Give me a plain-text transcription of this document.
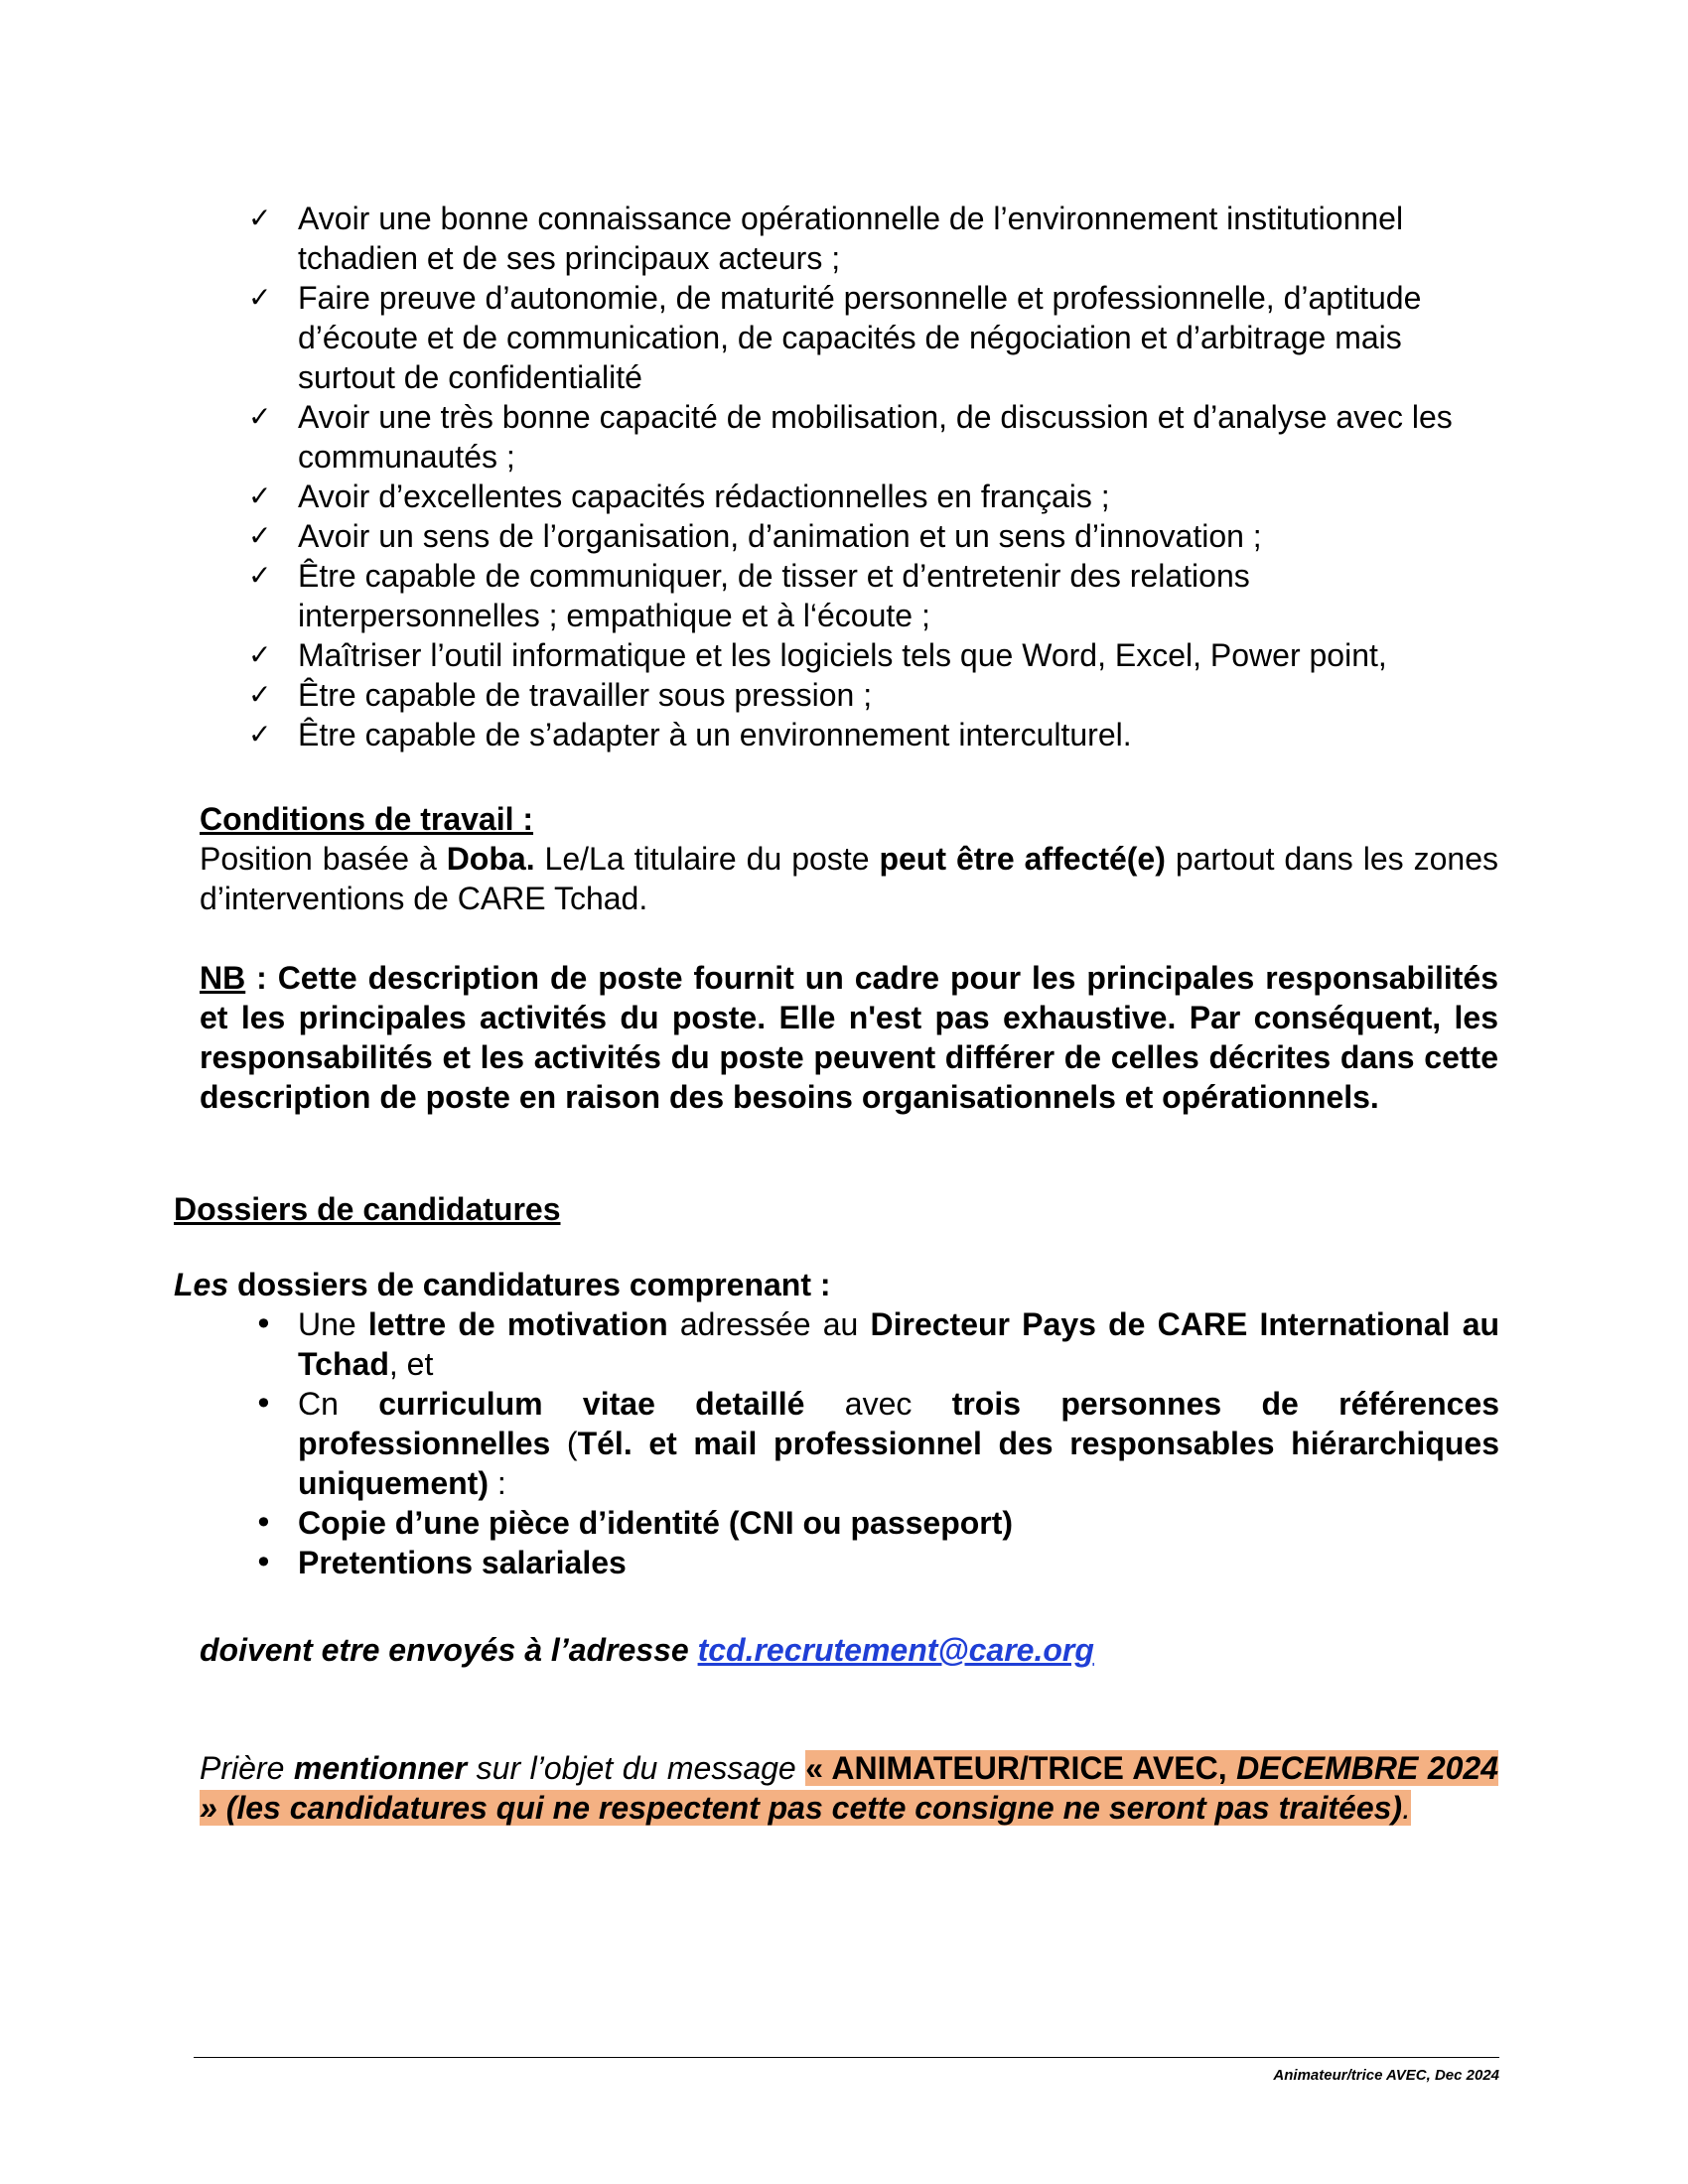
✓ Avoir une bonne connaissance opérationnelle de l’environnement institutionnel tchadien et de ses principaux acteurs ;
✓ Faire preuve d’autonomie, de maturité personnelle et professionnelle, d’aptitude d’écoute et de communication, de capacités de négociation et d’arbitrage mais surtout de confidentialité
✓ Avoir une très bonne capacité de mobilisation, de discussion et d’analyse avec les communautés ;
✓ Avoir d’excellentes capacités rédactionnelles en français ;
✓ Avoir un sens de l’organisation, d’animation et un sens d’innovation ;
✓ Être capable de communiquer, de tisser et d’entretenir des relations interpersonnelles ; empathique et à l‘écoute ;
✓ Maîtriser l’outil informatique et les logiciels tels que Word, Excel, Power point,
✓ Être capable de travailler sous pression ;
✓ Être capable de s’adapter à un environnement interculturel.
Conditions de travail :
Position basée à Doba. Le/La titulaire du poste peut être affecté(e) partout dans les zones d’interventions de CARE Tchad.
NB : Cette description de poste fournit un cadre pour les principales responsabilités et les principales activités du poste. Elle n'est pas exhaustive. Par conséquent, les responsabilités et les activités du poste peuvent différer de celles décrites dans cette description de poste en raison des besoins organisationnels et opérationnels.
Dossiers de candidatures
Les dossiers de candidatures comprenant :
• Une lettre de motivation adressée au Directeur Pays de CARE International au Tchad, et
• Cn curriculum vitae detaillé avec trois personnes de références professionnelles (Tél. et mail professionnel des responsables hiérarchiques uniquement) :
• Copie d’une pièce d’identité (CNI ou passeport)
• Pretentions salariales
doivent etre envoyés à l’adresse tcd.recrutement@care.org
Prière mentionner sur l’objet du message « ANIMATEUR/TRICE AVEC, DECEMBRE 2024 » (les candidatures qui ne respectent pas cette consigne ne seront pas traitées).
Animateur/trice AVEC, Dec 2024
